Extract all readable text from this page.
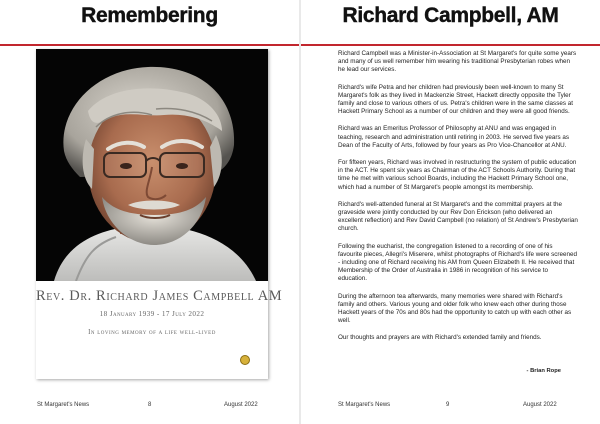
Remembering
Rev. Dr. Richard James Campbell AM
18 January 1939 - 17 July 2022
In loving memory of a life well-lived
St Margaret's News	8	August 2022
Richard Campbell, AM

Richard Campbell was a Minister-in-Association at St Margaret's for quite some years and many of us well remember him wearing his traditional Presbyterian robes when he lead our services.

Richard's wife Petra and her children had previously been well-known to many St Margaret's folk as they lived in Mackenzie Street, Hackett directly opposite the Tyler family and close to various others of us. Petra's children were in the same classes at Hackett Primary School as a number of our children and they were all good friends.

Richard was an Emeritus Professor of Philosophy at ANU and was engaged in teaching, research and administration until retiring in 2003. He served five years as Dean of the Faculty of Arts, followed by four years as Pro Vice-Chancellor at ANU.

For fifteen years, Richard was involved in restructuring the system of public education in the ACT. He spent six years as Chairman of the ACT Schools Authority. During that time he met with various school Boards, including the Hackett Primary School one, which had a number of St Margaret's people amongst its membership.

Richard's well-attended funeral at St Margaret's and the committal prayers at the graveside were jointly conducted by our Rev Don Erickson (who delivered an excellent reflection) and Rev David Campbell (no relation) of St Andrew's Presbyterian church.

Following the eucharist, the congregation listened to a recording of one of his favourite pieces, Allegri's Miserere, whilst photographs of Richard's life were screened - including one of Richard receiving his AM from Queen Elizabeth II. He received that Membership of the Order of Australia in 1986 in recognition of his service to education.

During the afternoon tea afterwards, many memories were shared with Richard's family and others. Various young and older folk who knew each other during those Hackett years of the 70s and 80s had the opportunity to catch up with each other as well.

Our thoughts and prayers are with Richard's extended family and friends.

- Brian Rope
St Margaret's News	9	August 2022
